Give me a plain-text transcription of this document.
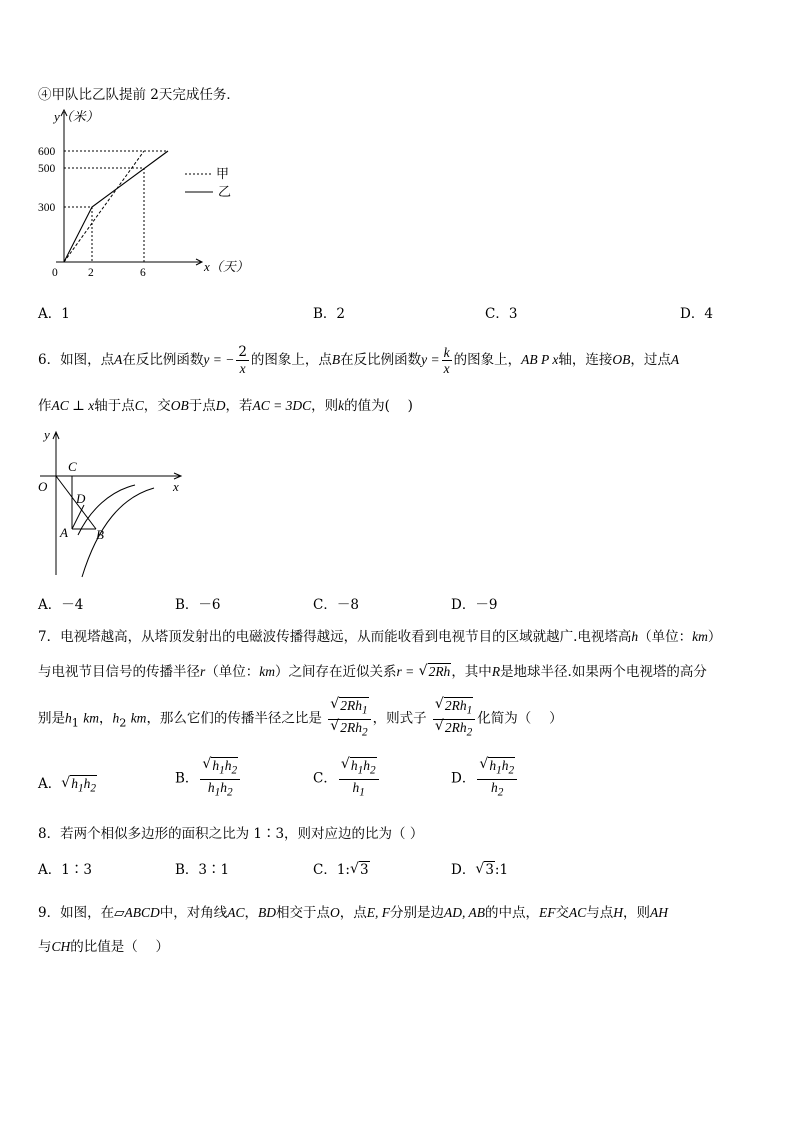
④甲队比乙队提前 2天完成任务．
y（米）
600
500
300
0	2	6	x（天）
甲
乙
A．1	B．2	C．3	D．4
6．如图，点A在反比例函数y = − $\frac{2}{x}$ 的图象上，点B在反比例函数$y = \frac{k}{x}$ 的图象上，AB P x轴，连接OB，过点A
作AC ⊥ x轴于点C，交OB于点D，若AC = 3DC，则k的值为(　 )
y
x
O
C
D
A B
A．－4	B．－6	C．－8	D．－9
7．电视塔越高，从塔顶发射出的电磁波传播得越远，从而能收看到电视节目的区域就越广.电视塔高h（单位：km）
与电视节目信号的传播半径r（单位：km）之间存在近似关系r = √ 2Rh，其中R是地球半径.如果两个电视塔的高分
别是$h_1$ km，$h_2$ km，那么它们的传播半径之比是 $\frac{√ 2Rh_1}{√ 2Rh_2}$ ，则式子 $\frac{√ 2Rh_1}{√ 2Rh_2}$ 化简为（　 ）
A． √ $h_1h_2$
B． $\frac{√ h_1h_2}{h_1h_2}$	C． $\frac{√ h_1h_2}{h_1}$	D． $\frac{√ h_1h_2}{h_2}$
8．若两个相似多边形的面积之比为 1∶3，则对应边的比为（ ）
A．1∶3	B．3∶1	C．1: √ 3	D． √ 3:1
9．如图，在▱ABCD中，对角线AC，BD相交于点O，点E, F分别是边AD, AB的中点，EF交AC与点H，则AH
与CH的比值是（　 ）
